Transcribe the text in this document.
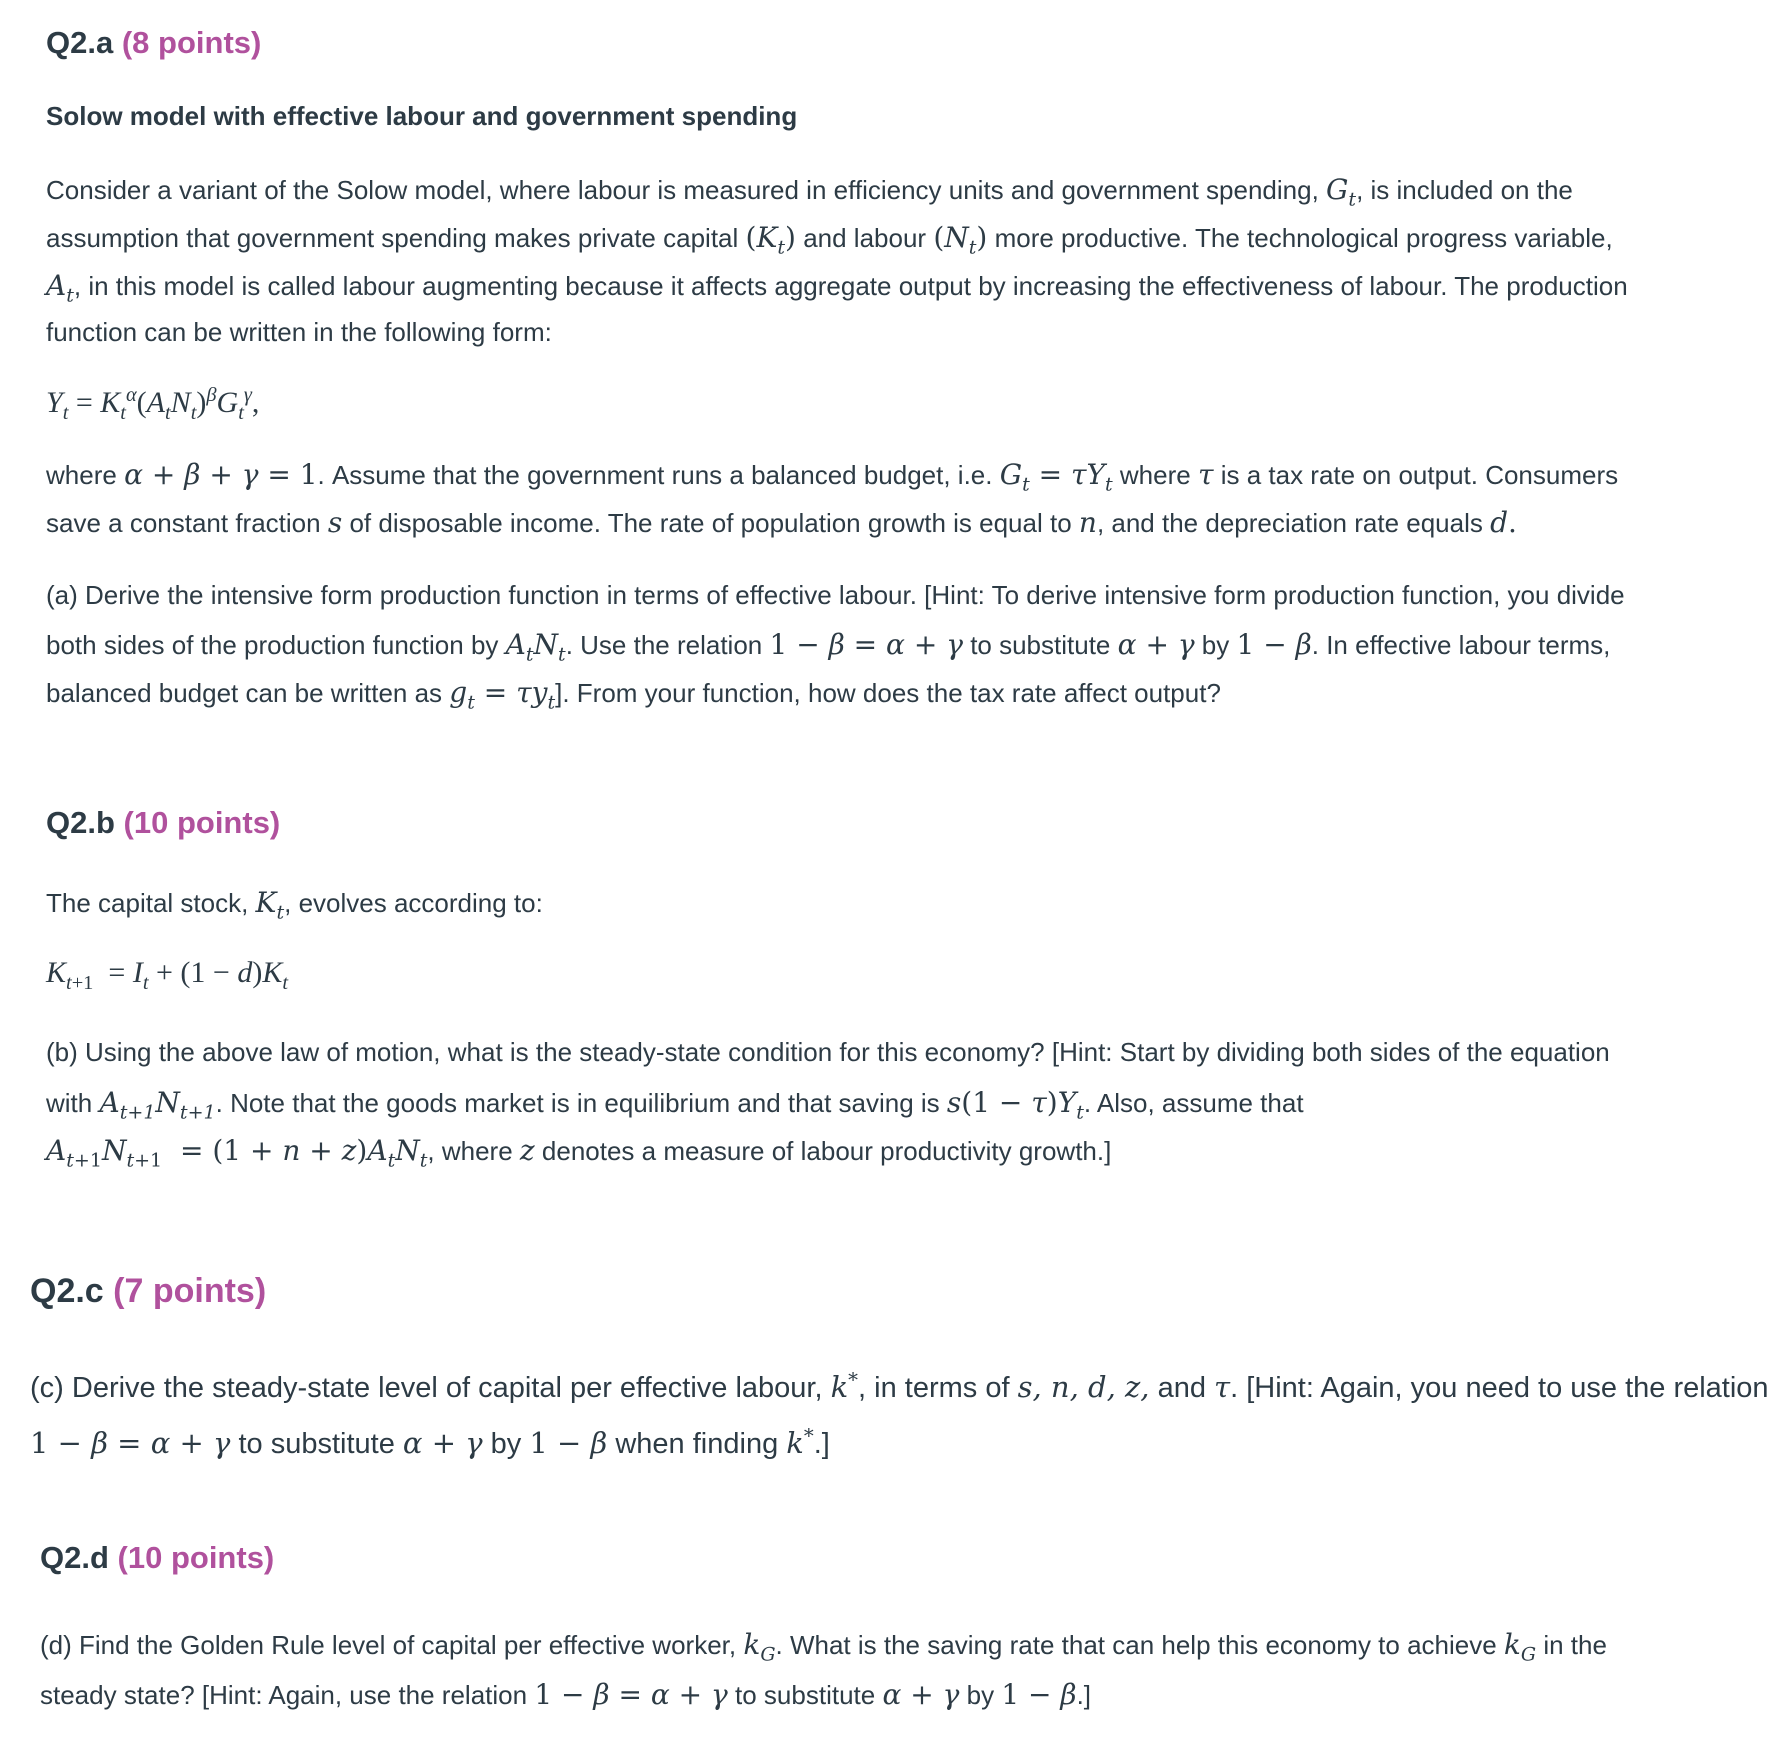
Q2.a (8 points)
Solow model with effective labour and government spending
Consider a variant of the Solow model, where labour is measured in efficiency units and government spending, $G_t$, is included on the
assumption that government spending makes private capital $(K_t)$ and labour $(N_t)$ more productive. The technological progress variable,
$A_t$, in this model is called labour augmenting because it affects aggregate output by increasing the effectiveness of labour. The production
function can be written in the following form:
$Y_t = K_t^\alpha(A_tN_t)^\beta G_t^\gamma$,
where α + β + γ = 1. Assume that the government runs a balanced budget, i.e. $G_t = \tau Y_t$ where τ is a tax rate on output. Consumers
save a constant fraction s of disposable income. The rate of population growth is equal to n, and the depreciation rate equals d.
(a) Derive the intensive form production function in terms of effective labour. [Hint: To derive intensive form production function, you divide
both sides of the production function by $A_tN_t$. Use the relation 1 − β = α + γ to substitute α + γ by 1 − β. In effective labour terms,
balanced budget can be written as $g_t = \tau y_t$]. From your function, how does the tax rate affect output?
Q2.b (10 points)
The capital stock, $K_t$, evolves according to:
$K_{t+1} = I_t + (1 - d)K_t$
(b) Using the above law of motion, what is the steady-state condition for this economy? [Hint: Start by dividing both sides of the equation
with $A_{t+1}N_{t+1}$. Note that the goods market is in equilibrium and that saving is $s(1 - \tau)Y_t$. Also, assume that
$A_{t+1}N_{t+1} = (1 + n + z)A_tN_t$, where z denotes a measure of labour productivity growth.]
Q2.c (7 points)
(c) Derive the steady-state level of capital per effective labour, k*, in terms of s, n, d, z, and τ. [Hint: Again, you need to use the relation
1 − β = α + γ to substitute α + γ by 1 − β when finding k*.]
Q2.d (10 points)
(d) Find the Golden Rule level of capital per effective worker, $k_G$. What is the saving rate that can help this economy to achieve $k_G$ in the
steady state? [Hint: Again, use the relation 1 − β = α + γ to substitute α + γ by 1 − β.]
